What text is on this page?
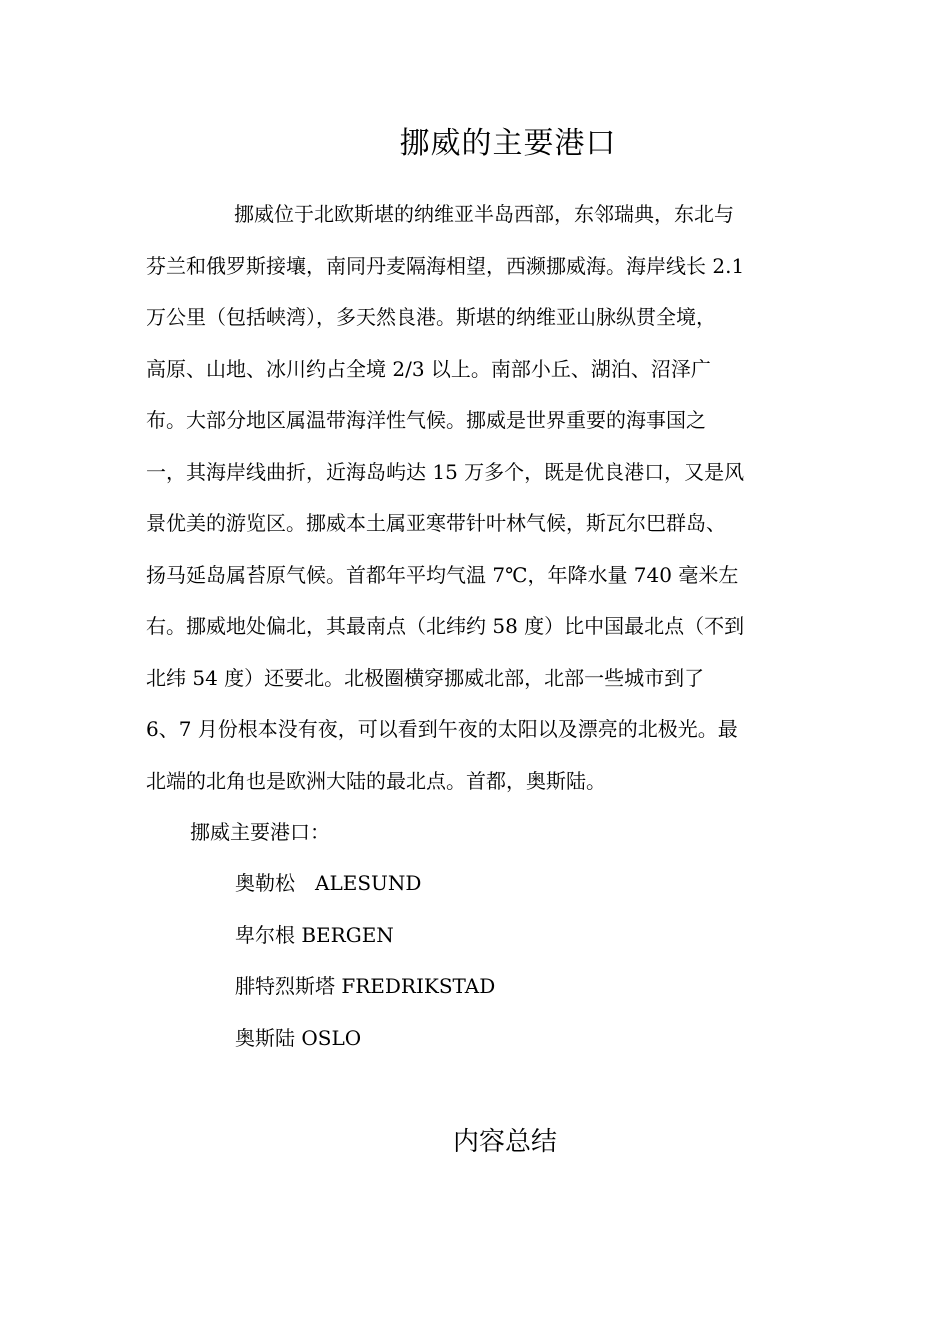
挪威的主要港口
挪威位于北欧斯堪的纳维亚半岛西部，东邻瑞典，东北与
芬兰和俄罗斯接壤，南同丹麦隔海相望，西濒挪威海。海岸线长 2.1
万公里（包括峡湾），多天然良港。斯堪的纳维亚山脉纵贯全境，
高原、山地、冰川约占全境 2/3 以上。南部小丘、湖泊、沼泽广
布。大部分地区属温带海洋性气候。挪威是世界重要的海事国之
一，其海岸线曲折，近海岛屿达 15 万多个，既是优良港口，又是风
景优美的游览区。挪威本土属亚寒带针叶林气候，斯瓦尔巴群岛、
扬马延岛属苔原气候。首都年平均气温 7℃，年降水量 740 毫米左
右。挪威地处偏北，其最南点（北纬约 58 度）比中国最北点（不到
北纬 54 度）还要北。北极圈横穿挪威北部，北部一些城市到了
6、7 月份根本没有夜，可以看到午夜的太阳以及漂亮的北极光。最
北端的北角也是欧洲大陆的最北点。首都，奥斯陆。
挪威主要港口：
奥勒松　ALESUND
卑尔根 BERGEN
腓特烈斯塔 FREDRIKSTAD
奥斯陆 OSLO
内容总结
